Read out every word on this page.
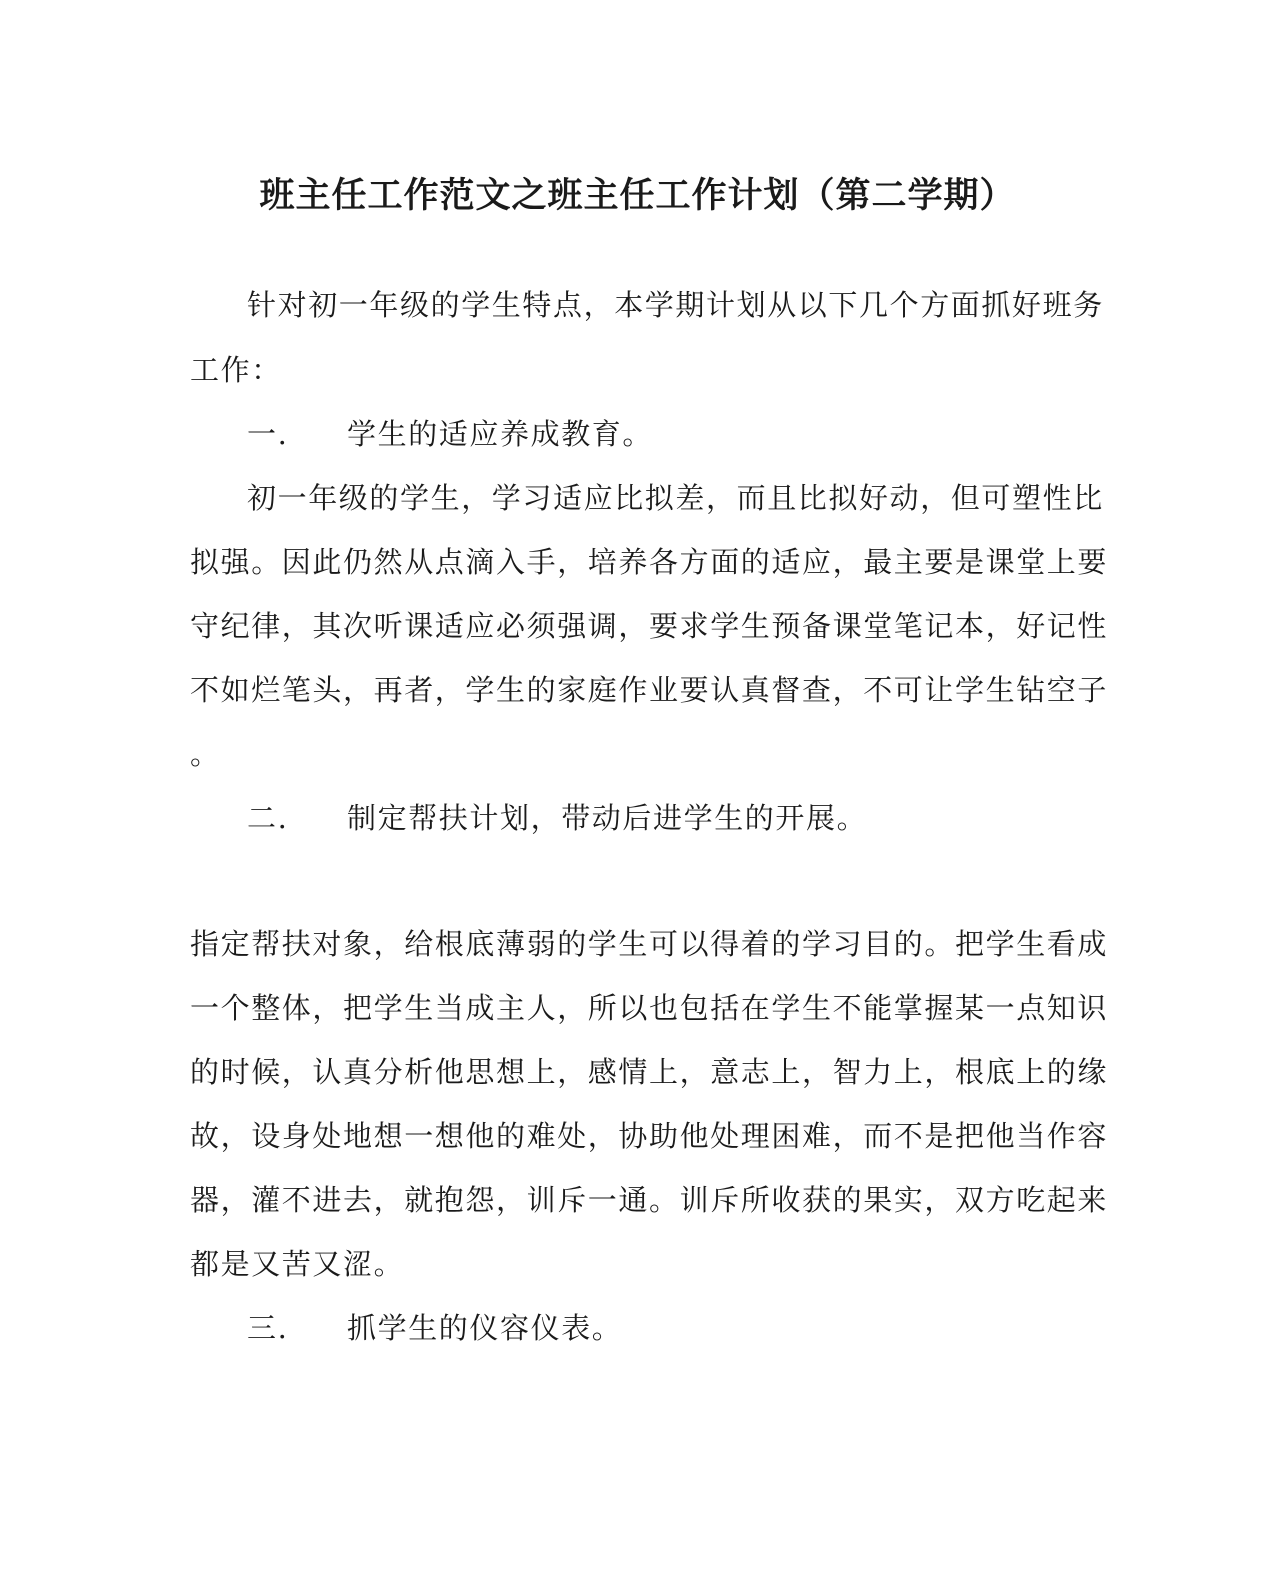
班主任工作范文之班主任工作计划（第二学期）
针对初一年级的学生特点，本学期计划从以下几个方面抓好班务
工作：
一. 学生的适应养成教育。
初一年级的学生，学习适应比拟差，而且比拟好动，但可塑性比
拟强。因此仍然从点滴入手，培养各方面的适应，最主要是课堂上要
守纪律，其次听课适应必须强调，要求学生预备课堂笔记本，好记性
不如烂笔头，再者，学生的家庭作业要认真督查，不可让学生钻空子
。
二. 制定帮扶计划，带动后进学生的开展。
指定帮扶对象，给根底薄弱的学生可以得着的学习目的。把学生看成
一个整体，把学生当成主人，所以也包括在学生不能掌握某一点知识
的时候，认真分析他思想上，感情上，意志上，智力上，根底上的缘
故，设身处地想一想他的难处，协助他处理困难，而不是把他当作容
器，灌不进去，就抱怨，训斥一通。训斥所收获的果实，双方吃起来
都是又苦又涩。
三. 抓学生的仪容仪表。
